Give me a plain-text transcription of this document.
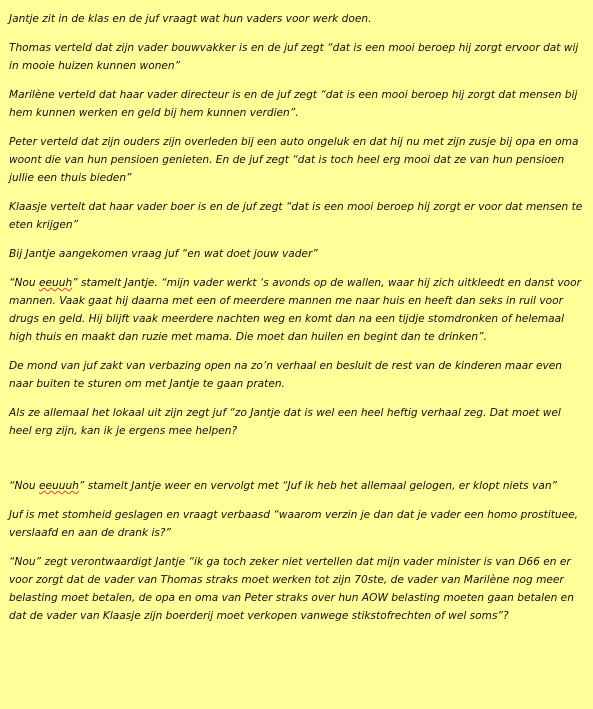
Jantje zit in de klas en de juf vraagt wat hun vaders voor werk doen.

Thomas verteld dat zijn vader bouwvakker is en de juf zegt “dat is een mooi beroep hij zorgt ervoor dat wij in mooie huizen kunnen wonen”

Marilène verteld dat haar vader directeur is en de juf zegt “dat is een mooi beroep hij zorgt dat mensen bij hem kunnen werken en geld bij hem kunnen verdien”.

Peter verteld dat zijn ouders zijn overleden bij een auto ongeluk en dat hij nu met zijn zusje bij opa en oma woont die van hun pensioen genieten. En de juf zegt “dat is toch heel erg mooi dat ze van hun pensioen jullie een thuis bieden”

Klaasje vertelt dat haar vader boer is en de juf zegt “dat is een mooi beroep hij zorgt er voor dat mensen te eten krijgen”

Bij Jantje aangekomen vraag juf “en wat doet jouw vader”

“Nou eeuuh” stamelt Jantje. “mijn vader werkt ‘s avonds op de wallen, waar hij zich uitkleedt en danst voor mannen. Vaak gaat hij daarna met een of meerdere mannen me naar huis en heeft dan seks in ruil voor drugs en geld. Hij blijft vaak meerdere nachten weg en komt dan na een tijdje stomdronken of helemaal high thuis en maakt dan ruzie met mama. Die moet dan huilen en begint dan te drinken”.

De mond van juf zakt van verbazing open na zo’n verhaal en besluit de rest van de kinderen maar even naar buiten te sturen om met Jantje te gaan praten.

Als ze allemaal het lokaal uit zijn zegt juf “zo Jantje dat is wel een heel heftig verhaal zeg. Dat moet wel heel erg zijn, kan ik je ergens mee helpen?

“Nou eeuuuh” stamelt Jantje weer en vervolgt met “Juf ik heb het allemaal gelogen, er klopt niets van”

Juf is met stomheid geslagen en vraagt verbaasd “waarom verzin je dan dat je vader een homo prostituee, verslaafd en aan de drank is?”

“Nou” zegt verontwaardigt Jantje “ik ga toch zeker niet vertellen dat mijn vader minister is van D66 en er voor zorgt dat de vader van Thomas straks moet werken tot zijn 70ste, de vader van Marilène nog meer belasting moet betalen, de opa en oma van Peter straks over hun AOW belasting moeten gaan betalen en dat de vader van Klaasje zijn boerderij moet verkopen vanwege stikstofrechten of wel soms”?
